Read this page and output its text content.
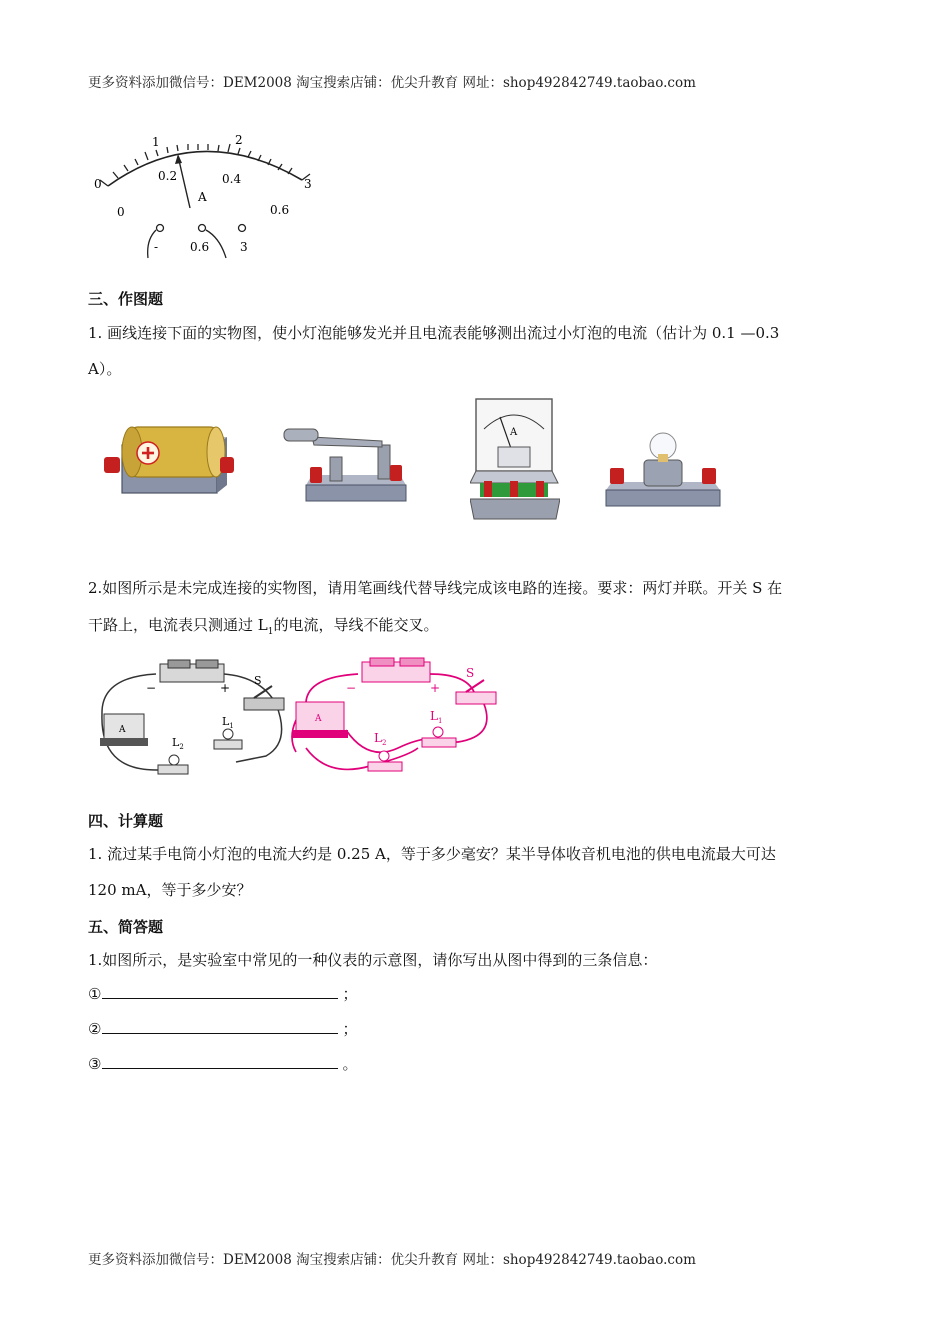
更多资料添加微信号：DEM2008 淘宝搜索店铺：优尖升教育 网址：shop492842749.taobao.com
0
1	2
3
0.2	0.4
0	0.6
A
-	0.6	3
三、作图题
1. 画线连接下面的实物图，使小灯泡能够发光并且电流表能够测出流过小灯泡的电流（估计为 0.1 —0.3
A）。
A
2.如图所示是未完成连接的实物图，请用笔画线代替导线完成该电路的连接。要求：两灯并联。开关 S 在
干路上，电流表只测通过 $L_1$的电流，导线不能交叉。
−	+
S
A
$L_1$
$L_2$
−	+
S
A	$L_1$
$L_2$
四、计算题
1. 流过某手电筒小灯泡的电流大约是 0.25 A，等于多少毫安？某半导体收音机电池的供电电流最大可达
120 mA，等于多少安？
五、简答题
1.如图所示，是实验室中常见的一种仪表的示意图，请你写出从图中得到的三条信息：
①	；
②	；
③	。
更多资料添加微信号：DEM2008 淘宝搜索店铺：优尖升教育 网址：shop492842749.taobao.com
